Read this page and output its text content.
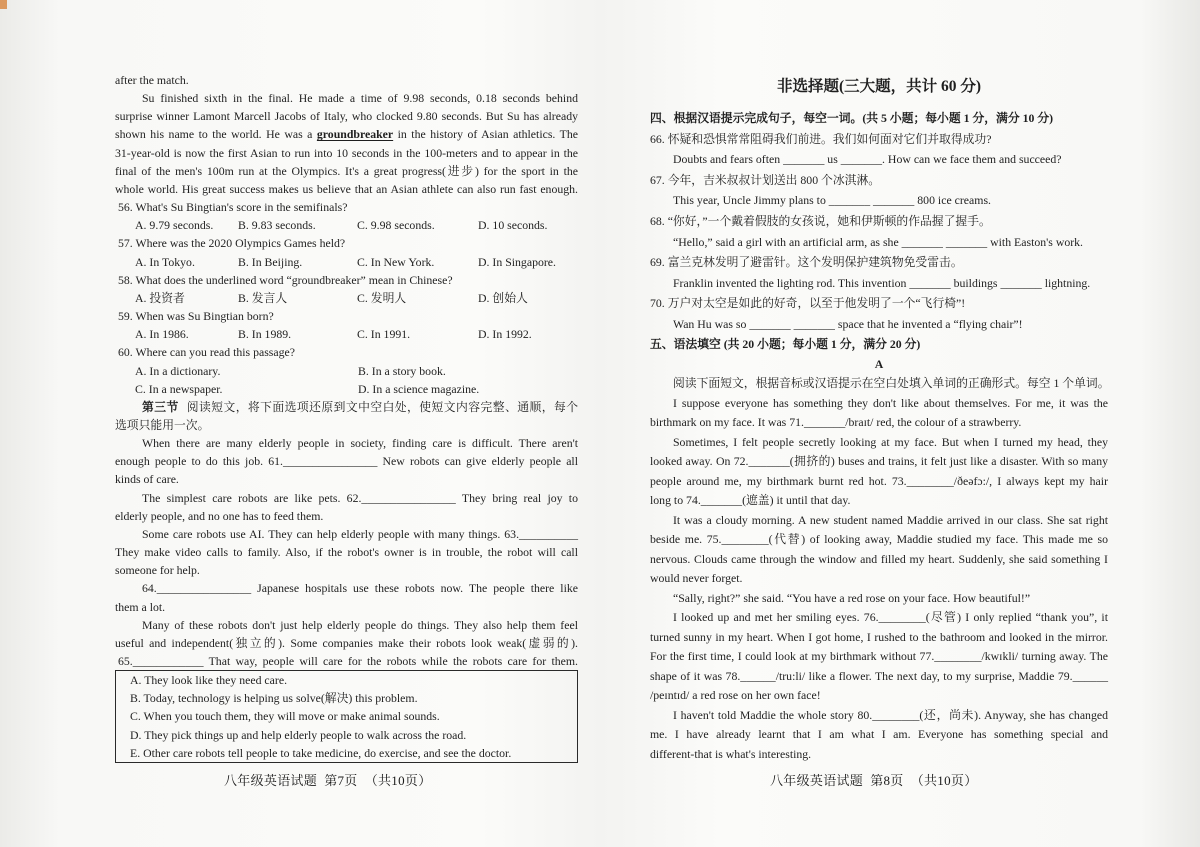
after the match.
Su finished sixth in the final. He made a time of 9.98 seconds, 0.18 seconds behind
surprise winner Lamont Marcell Jacobs of Italy, who clocked 9.80 seconds. But Su has already
shown his name to the world. He was a groundbreaker in the history of Asian athletics. The
31-year-old is now the first Asian to run into 10 seconds in the 100-meters and to appear in the
final of the men's 100m run at the Olympics. It's a great progress(进步) for the sport in the
whole world. His great success makes us believe that an Asian athlete can also run fast enough.
56. What's Su Bingtian's score in the semifinals?
A. 9.79 seconds. B. 9.83 seconds.	C. 9.98 seconds.	D. 10 seconds.
57. Where was the 2020 Olympics Games held?
A. In Tokyo.	B. In Beijing.	C. In New York.	D. In Singapore.
58. What does the underlined word “groundbreaker” mean in Chinese?
A. 投资者	B. 发言人	C. 发明人	D. 创始人
59. When was Su Bingtian born?
A. In 1986.	B. In 1989.	C. In 1991.	D. In 1992.
60. Where can you read this passage?
A. In a dictionary.	B. In a story book.
C. In a newspaper.	D. In a science magazine.
第三节 阅读短文，将下面选项还原到文中空白处，使短文内容完整、通顺，每个
选项只能用一次。
When there are many elderly people in society, finding care is difficult. There aren't
enough people to do this job. 61.________________ New robots can give elderly people all
kinds of care.
The simplest care robots are like pets. 62.________________ They bring real joy to
elderly people, and no one has to feed them.
Some care robots use AI. They can help elderly people with many things. 63.__________
They make video calls to family. Also, if the robot's owner is in trouble, the robot will call
someone for help.
64.________________ Japanese hospitals use these robots now. The people there like
them a lot.
Many of these robots don't just help elderly people do things. They also help them feel
useful and independent(独立的). Some companies make their robots look weak(虚弱的).
65.____________ That way, people will care for the robots while the robots care for them.
A. They look like they need care.
B. Today, technology is helping us solve(解决) this problem.
C. When you touch them, they will move or make animal sounds.
D. They pick things up and help elderly people to walk across the road.
E. Other care robots tell people to take medicine, do exercise, and see the doctor.
八年级英语试题  第7页  （共10页）
非选择题(三大题，共计 60 分)
四、根据汉语提示完成句子，每空一词。(共 5 小题；每小题 1 分，满分 10 分)
66. 怀疑和恐惧常常阻碍我们前进。我们如何面对它们并取得成功?
Doubts and fears often _______ us _______. How can we face them and succeed?
67. 今年，吉米叔叔计划送出 800 个冰淇淋。
This year, Uncle Jimmy plans to _______ _______ 800 ice creams.
68. “你好，”一个戴着假肢的女孩说，她和伊斯顿的作品握了握手。
“Hello,” said a girl with an artificial arm, as she _______ _______ with Easton's work.
69. 富兰克林发明了避雷针。这个发明保护建筑物免受雷击。
Franklin invented the lighting rod. This invention _______ buildings _______ lightning.
70. 万户对太空是如此的好奇，以至于他发明了一个“飞行椅”!
Wan Hu was so _______ _______ space that he invented a “flying chair”!
五、语法填空 (共 20 小题；每小题 1 分，满分 20 分)
A
阅读下面短文，根据音标或汉语提示在空白处填入单词的正确形式。每空 1 个单词。
I suppose everyone has something they don't like about themselves. For me, it was the
birthmark on my face. It was 71._______/braɪt/ red, the colour of a strawberry.
Sometimes, I felt people secretly looking at my face. But when I turned my head, they
looked away. On 72._______(拥挤的) buses and trains, it felt just like a disaster. With so many
people around me, my birthmark burnt red hot. 73.________/ðeəfɔ:/, I always kept my hair
long to 74._______(遮盖) it until that day.
It was a cloudy morning. A new student named Maddie arrived in our class. She sat right
beside me. 75.________(代替) of looking away, Maddie studied my face. This made me so
nervous. Clouds came through the window and filled my heart. Suddenly, she said something I
would never forget.
“Sally, right?” she said. “You have a red rose on your face. How beautiful!”
I looked up and met her smiling eyes. 76.________(尽管) I only replied “thank you”, it
turned sunny in my heart. When I got home, I rushed to the bathroom and looked in the mirror.
For the first time, I could look at my birthmark without 77.________/kwɪkli/ turning away. The
shape of it was 78.______/tru:li/ like a flower. The next day, to my surprise, Maddie 79.______
/peɪntɪd/ a red rose on her own face!
I haven't told Maddie the whole story 80.________(还，尚未). Anyway, she has changed
me. I have already learnt that I am what I am. Everyone has something special and
different-that is what's interesting.
八年级英语试题  第8页  （共10页）
